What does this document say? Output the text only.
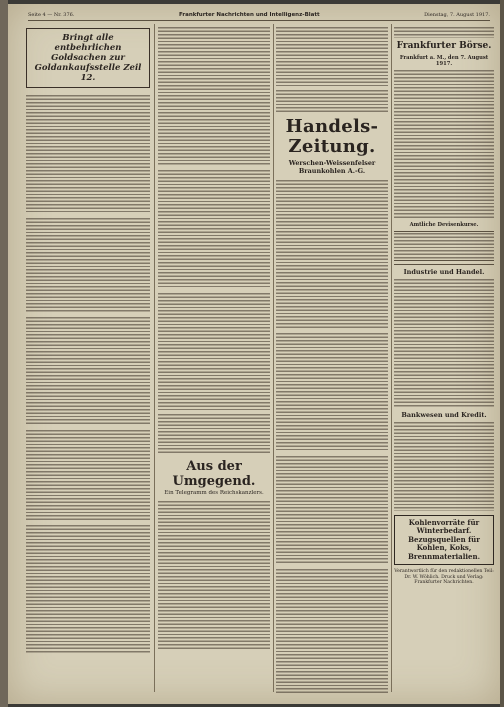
Seite 4 — Nr. 376.	Frankfurter Nachrichten und Intelligenz-Blatt	Dienstag, 7. August 1917.
Bringt alle entbehrlichen Goldsachen zur Goldankaufsstelle Zeil 12.
Aus der Umgegend.
Ein Telegramm des Reichskanzlers.
Handels-Zeitung.
Werschen-Weissenfelser Braunkohlen A.-G.
Frankfurter Börse.
Frankfurt a. M., den 7. August 1917.
Amtliche Devisenkurse.
Industrie und Handel.
Bankwesen und Kredit.
Kohlenvorräte für Winterbedarf. Bezugsquellen für Kohlen, Koks, Brennmaterialien.
Verantwortlich für den redaktionellen Teil: Dr. W. Wöhlich. Druck und Verlag: Frankfurter Nachrichten.
